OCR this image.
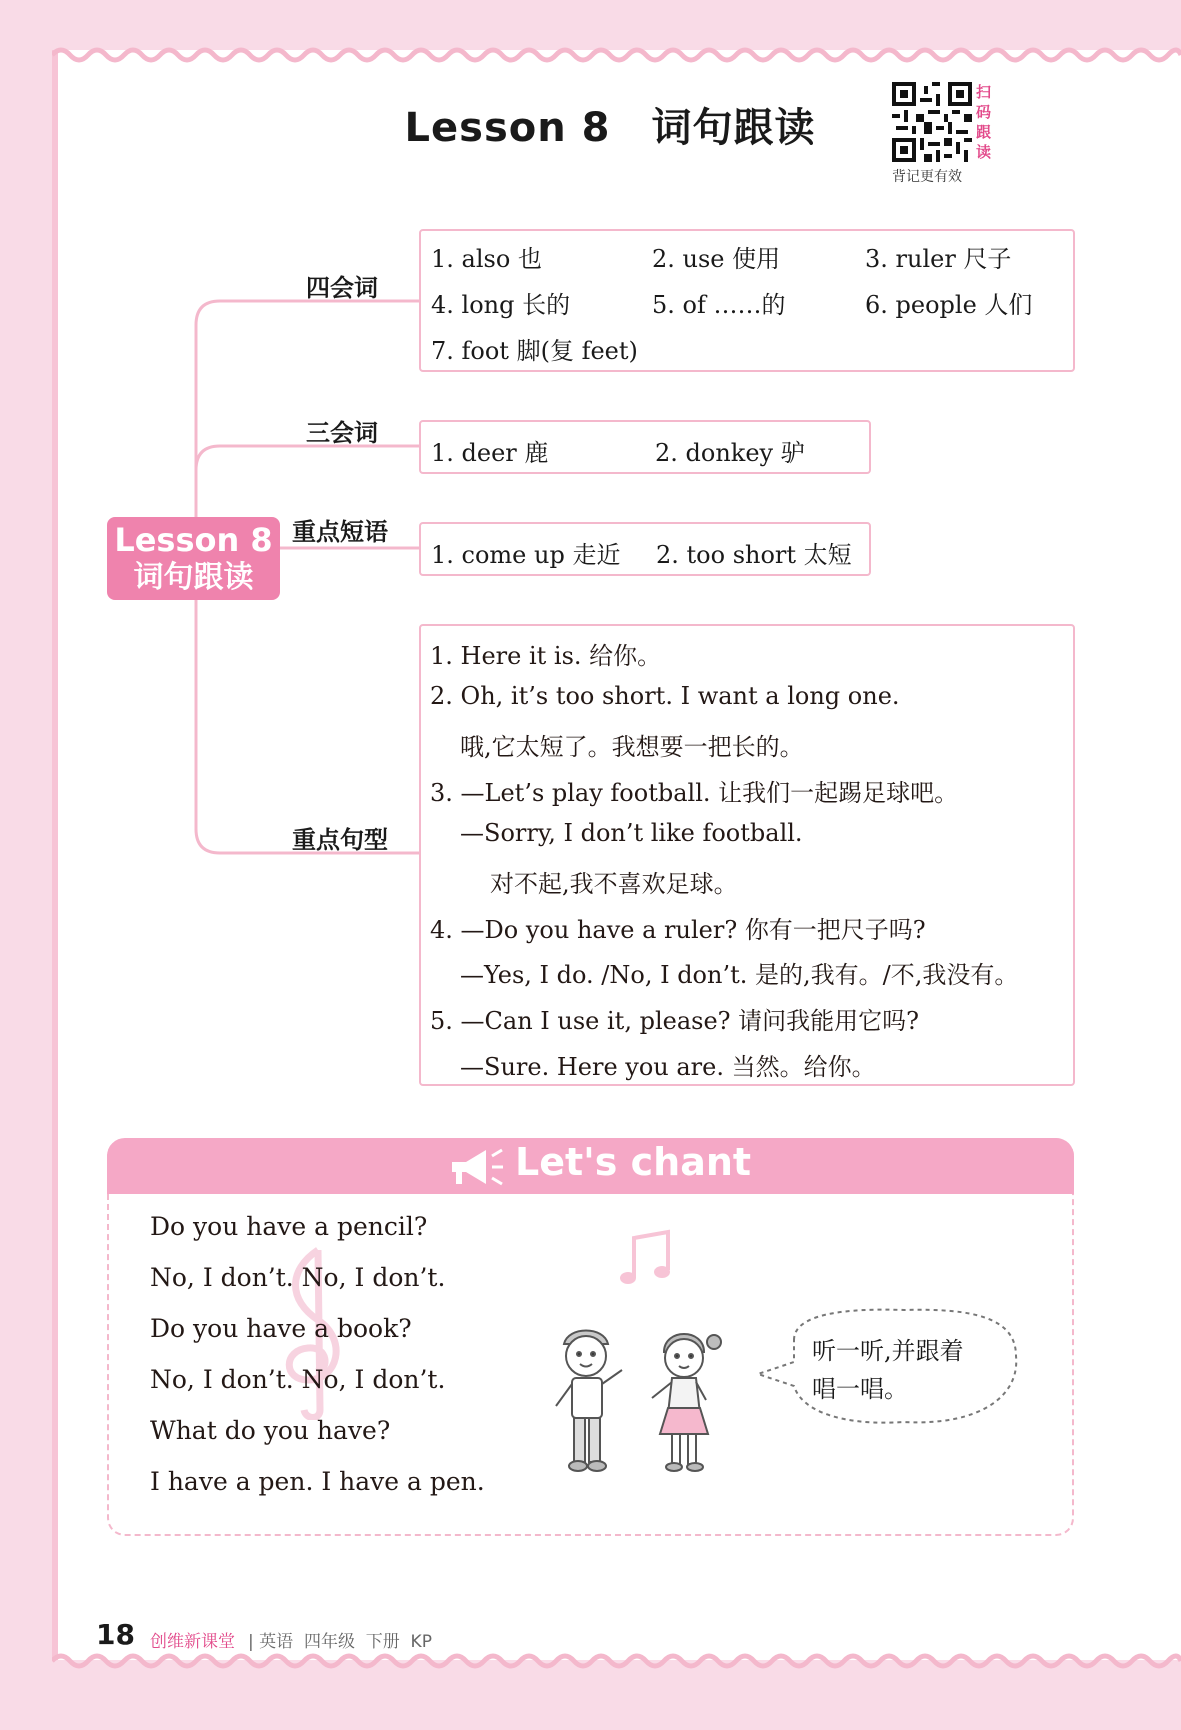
Lesson 8　词句跟读
扫码跟读
背记更有效
Lesson 8
词句跟读
四会词
三会词
重点短语
重点句型
1. also 也	2. use 使用	3. ruler 尺子
4. long 长的	5. of ……的	6. people 人们
7. foot 脚(复 feet)
1. deer 鹿	2. donkey 驴
1. come up 走近 2. too short 太短
1. Here it is. 给你。
2. Oh, it’s too short. I want a long one.
哦,它太短了。我想要一把长的。
3. —Let’s play football. 让我们一起踢足球吧。
—Sorry, I don’t like football.
对不起,我不喜欢足球。
4. —Do you have a ruler? 你有一把尺子吗?
—Yes, I do. /No, I don’t. 是的,我有。/不,我没有。
5. —Can I use it, please? 请问我能用它吗?
—Sure. Here you are. 当然。给你。
Let's chant
Do you have a pencil?
No, I don’t. No, I don’t.
Do you have a book?
No, I don’t. No, I don’t.
What do you have?
I have a pen. I have a pen.
听一听,并跟着
唱一唱。
18 创维新课堂 | 英语  四年级  下册  KP
